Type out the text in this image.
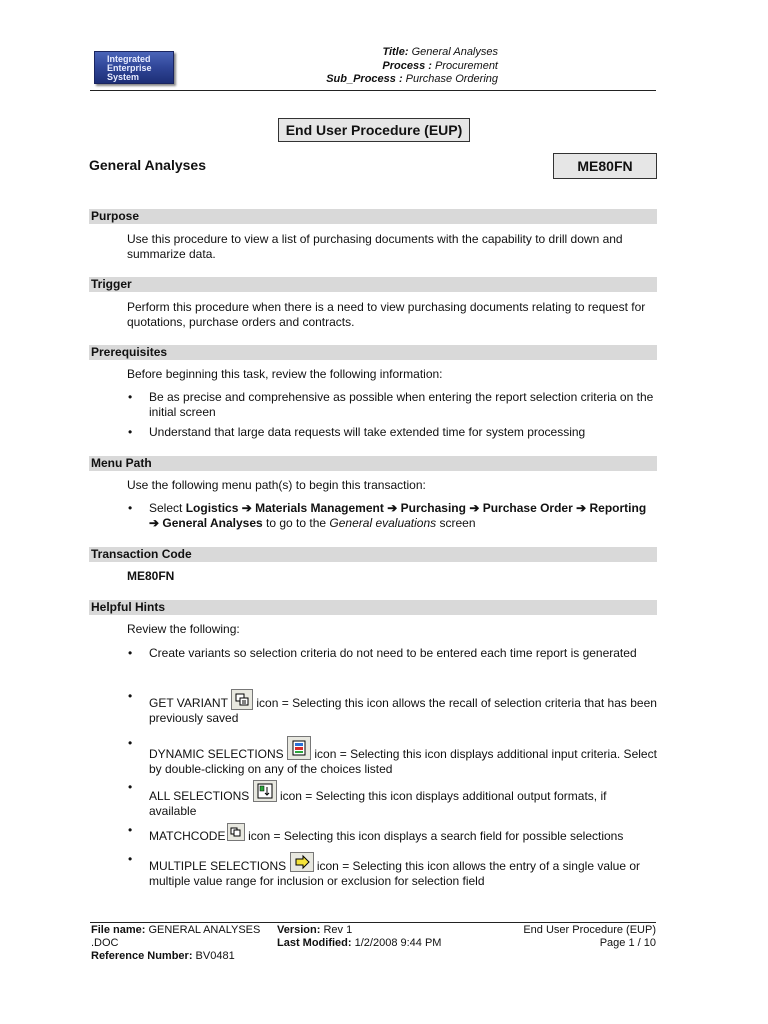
Integrated
Enterprise
System
Title: General Analyses
Process : Procurement
Sub_Process : Purchase Ordering
End User Procedure (EUP)
General Analyses	ME80FN
Purpose
Use this procedure to view a list of purchasing documents with the capability to drill down and summarize data.
Trigger
Perform this procedure when there is a need to view purchasing documents relating to request for quotations, purchase orders and contracts.
Prerequisites
Before beginning this task, review the following information:
• Be as precise and comprehensive as possible when entering the report selection criteria on the initial screen
• Understand that large data requests will take extended time for system processing
Menu Path
Use the following menu path(s) to begin this transaction:
• Select Logistics ➔ Materials Management ➔ Purchasing ➔ Purchase Order ➔ Reporting ➔ General Analyses to go to the General evaluations screen
Transaction Code
ME80FN
Helpful Hints
Review the following:
• Create variants so selection criteria do not need to be entered each time report is generated
• GET VARIANT icon = Selecting this icon allows the recall of selection criteria that has been previously saved
•
DYNAMIC SELECTIONS	icon = Selecting this icon displays additional input criteria. Select by double-clicking on any of the choices listed
•
ALL SELECTIONS	icon = Selecting this icon displays additional output formats, if available
• MATCHCODE icon = Selecting this icon displays a search field for possible selections
• MULTIPLE SELECTIONS	icon = Selecting this icon allows the entry of a single value or multiple value range for inclusion or exclusion for selection field
File name: GENERAL ANALYSES
.DOC
Reference Number: BV0481
Version: Rev 1
Last Modified: 1/2/2008 9:44 PM
End User Procedure (EUP)
Page 1 / 10
